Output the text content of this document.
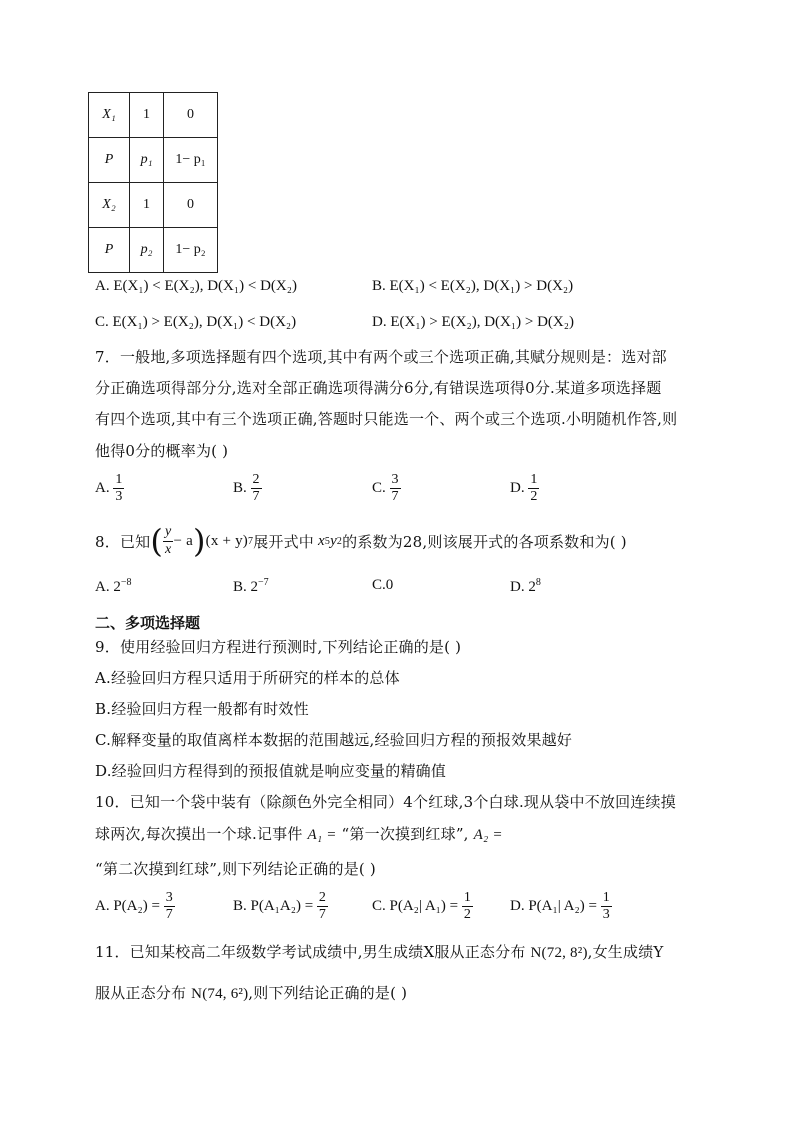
X₁	1	0
P	p₁	1− p₁
X₂	1	0
P	p₂	1− p₂
A. E(X₁) < E(X₂), D(X₁) < D(X₂)	B. E(X₁) < E(X₂), D(X₁) > D(X₂)
C. E(X₁) > E(X₂), D(X₁) < D(X₂)	D. E(X₁) > E(X₂), D(X₁) > D(X₂)
7．一般地,多项选择题有四个选项,其中有两个或三个选项正确,其赋分规则是：选对部
分正确选项得部分分,选对全部正确选项得满分6分,有错误选项得0分.某道多项选择题
有四个选项,其中有三个选项正确,答题时只能选一个、两个或三个选项.小明随机作答,则
他得0分的概率为( )
A. $\frac{1}{3}$	B. $\frac{2}{7}$	C. $\frac{3}{7}$	D. $\frac{1}{2}$
8．已知 ( $\frac{y}{x} - a$ ) (x + y) 7 展开式中 x 5 y 2 的系数为28,则该展开式的各项系数和为( )
A. $2^{-8}$	B. $2^{-7}$	C.0	D. $2^8$
二、多项选择题
9．使用经验回归方程进行预测时,下列结论正确的是( )
A.经验回归方程只适用于所研究的样本的总体
B.经验回归方程一般都有时效性
C.解释变量的取值离样本数据的范围越远,经验回归方程的预报效果越好
D.经验回归方程得到的预报值就是响应变量的精确值
10．已知一个袋中装有（除颜色外完全相同）4个红球,3个白球.现从袋中不放回连续摸
球两次,每次摸出一个球.记事件 A₁ = “第一次摸到红球”, A₂ =
“第二次摸到红球”,则下列结论正确的是( )
A. $P(A_2) = \frac{3}{7}$	B. $P(A_1A_2) = \frac{2}{7}$	C. P(A₂| $A_1) = \frac{1}{2} D$. P(A₁| $A_2) = \frac{1}{3}$
11．已知某校高二年级数学考试成绩中,男生成绩X服从正态分布 N(72, 8²),女生成绩Y
服从正态分布 N(74, 6²),则下列结论正确的是( )
